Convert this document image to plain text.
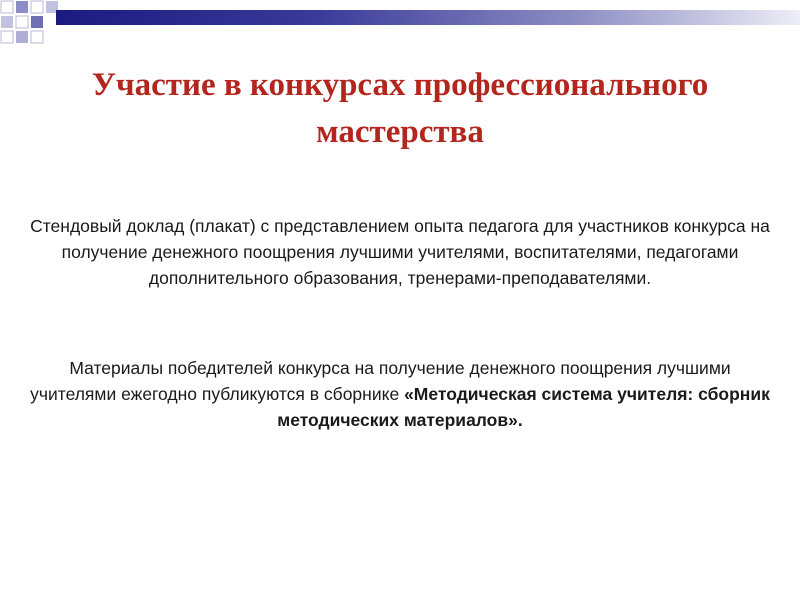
Участие в конкурсах профессионального мастерства

Стендовый доклад (плакат) с представлением опыта педагога для участников конкурса на получение денежного поощрения лучшими учителями, воспитателями, педагогами дополнительного образования, тренерами-преподавателями.

Материалы победителей конкурса на получение денежного поощрения лучшими учителями ежегодно публикуются в сборнике «Методическая система учителя: сборник методических материалов».
